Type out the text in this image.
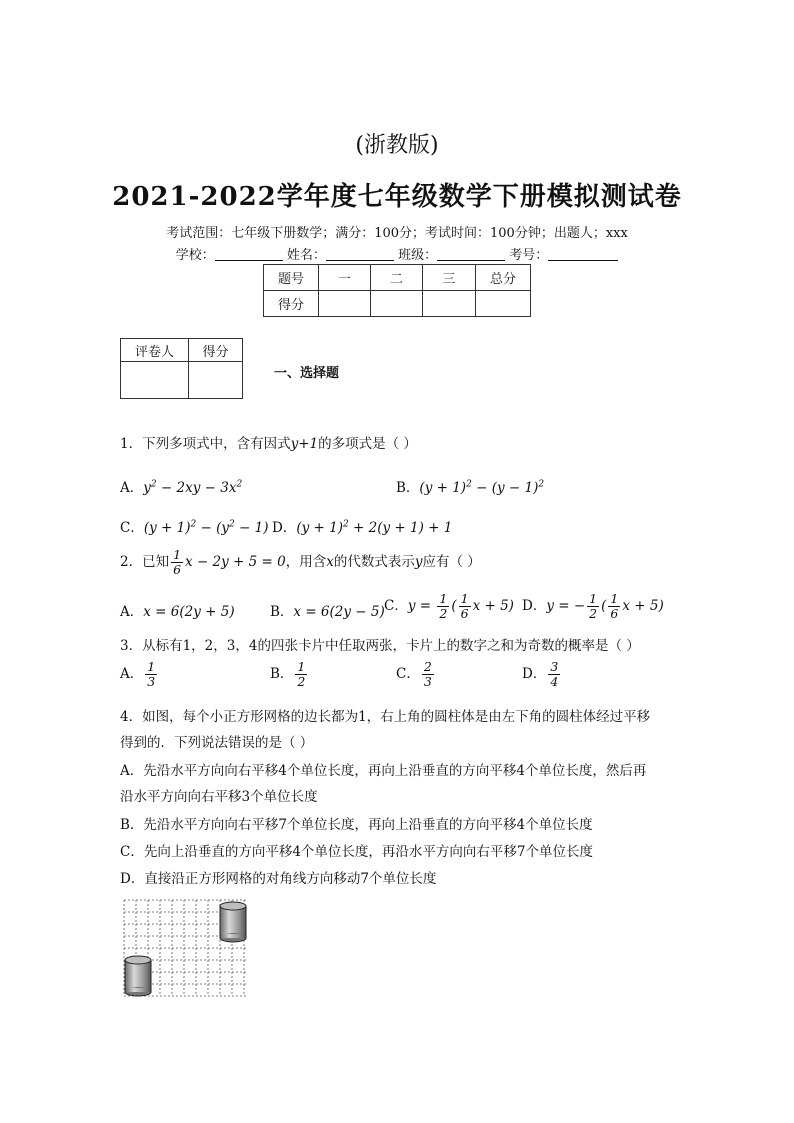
(浙教版)
2021-2022学年度七年级数学下册模拟测试卷
考试范围：七年级下册数学；满分：100分；考试时间：100分钟；出题人；xxx
学校：	姓名：	班级：	考号：
题号	一	二	三	总分
得分				
评卷人	得分

一、选择题
1．下列多项式中，含有因式y+1的多项式是（ ）
A．$y^2 - 2xy - 3x^2$	B．$(y + 1)^2 - (y - 1)^2$
C．$(y + 1)^2 - (y^2 - 1)$ D．$(y + 1)^2 + 2(y + 1) + 1$
2．已知 $\frac{1}{6}$ x − 2y + 5 = 0，用含x的代数式表示y应有（ ）
A．x = 6(2y + 5)	B．x = 6(2y − 5) C．$y = \frac{1}{2}$ ( $\frac{1}{6}$ x + 5) D．y = − $\frac{1}{2}$ ( $\frac{1}{6}$ x + 5)
3．从标有1，2，3，4的四张卡片中任取两张，卡片上的数字之和为奇数的概率是（ ）
A． $\frac{1}{3}$	B． $\frac{1}{2}$	C． $\frac{2}{3}$	D． $\frac{3}{4}$
4．如图，每个小正方形网格的边长都为1，右上角的圆柱体是由左下角的圆柱体经过平移
得到的．下列说法错误的是（ ）
A．先沿水平方向向右平移4个单位长度，再向上沿垂直的方向平移4个单位长度，然后再
沿水平方向向右平移3个单位长度
B．先沿水平方向向右平移7个单位长度，再向上沿垂直的方向平移4个单位长度
C．先向上沿垂直的方向平移4个单位长度，再沿水平方向向右平移7个单位长度
D．直接沿正方形网格的对角线方向移动7个单位长度
